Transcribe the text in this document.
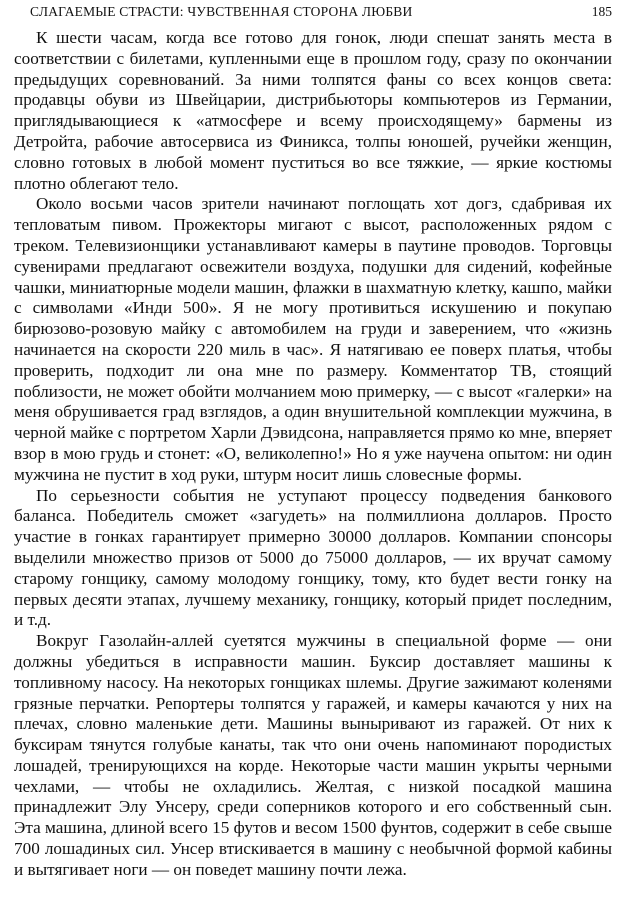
СЛАГАЕМЫЕ СТРАСТИ: ЧУВСТВЕННАЯ СТОРОНА ЛЮБВИ	185

К шести часам, когда все готово для гонок, люди спешат занять места в соответствии с билетами, купленными еще в прошлом году, сразу по окончании предыдущих соревнований. За ними толпятся фаны со всех концов света: продавцы обуви из Швейцарии, дистрибьюторы компьютеров из Германии, приглядывающиеся к «атмосфере и всему происходящему» бармены из Детройта, рабочие автосервиса из Финикса, толпы юношей, ручейки женщин, словно готовых в любой момент пуститься во все тяжкие, — яркие костюмы плотно облегают тело.

Около восьми часов зрители начинают поглощать хот догз, сдабривая их тепловатым пивом. Прожекторы мигают с высот, расположенных рядом с треком. Телевизионщики устанавливают камеры в паутине проводов. Торговцы сувенирами предлагают освежители воздуха, подушки для сидений, кофейные чашки, миниатюрные модели машин, флажки в шахматную клетку, кашпо, майки с символами «Инди 500». Я не могу противиться искушению и покупаю бирюзово-розовую майку с автомобилем на груди и заверением, что «жизнь начинается на скорости 220 миль в час». Я натягиваю ее поверх платья, чтобы проверить, подходит ли она мне по размеру. Комментатор ТВ, стоящий поблизости, не может обойти молчанием мою примерку, — с высот «галерки» на меня обрушивается град взглядов, а один внушительной комплекции мужчина, в черной майке с портретом Харли Дэвидсона, направляется прямо ко мне, вперяет взор в мою грудь и стонет: «О, великолепно!» Но я уже научена опытом: ни один мужчина не пустит в ход руки, штурм носит лишь словесные формы.

По серьезности события не уступают процессу подведения банкового баланса. Победитель сможет «загудеть» на полмиллиона долларов. Просто участие в гонках гарантирует примерно 30000 долларов. Компании спонсоры выделили множество призов от 5000 до 75000 долларов, — их вручат самому старому гонщику, самому молодому гонщику, тому, кто будет вести гонку на первых десяти этапах, лучшему механику, гонщику, который придет последним, и т.д.

Вокруг Газолайн-аллей суетятся мужчины в специальной форме — они должны убедиться в исправности машин. Буксир доставляет машины к топливному насосу. На некоторых гонщиках шлемы. Другие зажимают коленями грязные перчатки. Репортеры толпятся у гаражей, и камеры качаются у них на плечах, словно маленькие дети. Машины выныривают из гаражей. От них к буксирам тянутся голубые канаты, так что они очень напоминают породистых лошадей, тренирующихся на корде. Некоторые части машин укрыты черными чехлами, — чтобы не охладились. Желтая, с низкой посадкой машина принадлежит Элу Унсеру, среди соперников которого и его собственный сын. Эта машина, длиной всего 15 футов и весом 1500 фунтов, содержит в себе свыше 700 лошадиных сил. Унсер втискивается в машину с необычной формой кабины и вытягивает ноги — он поведет машину почти лежа.
